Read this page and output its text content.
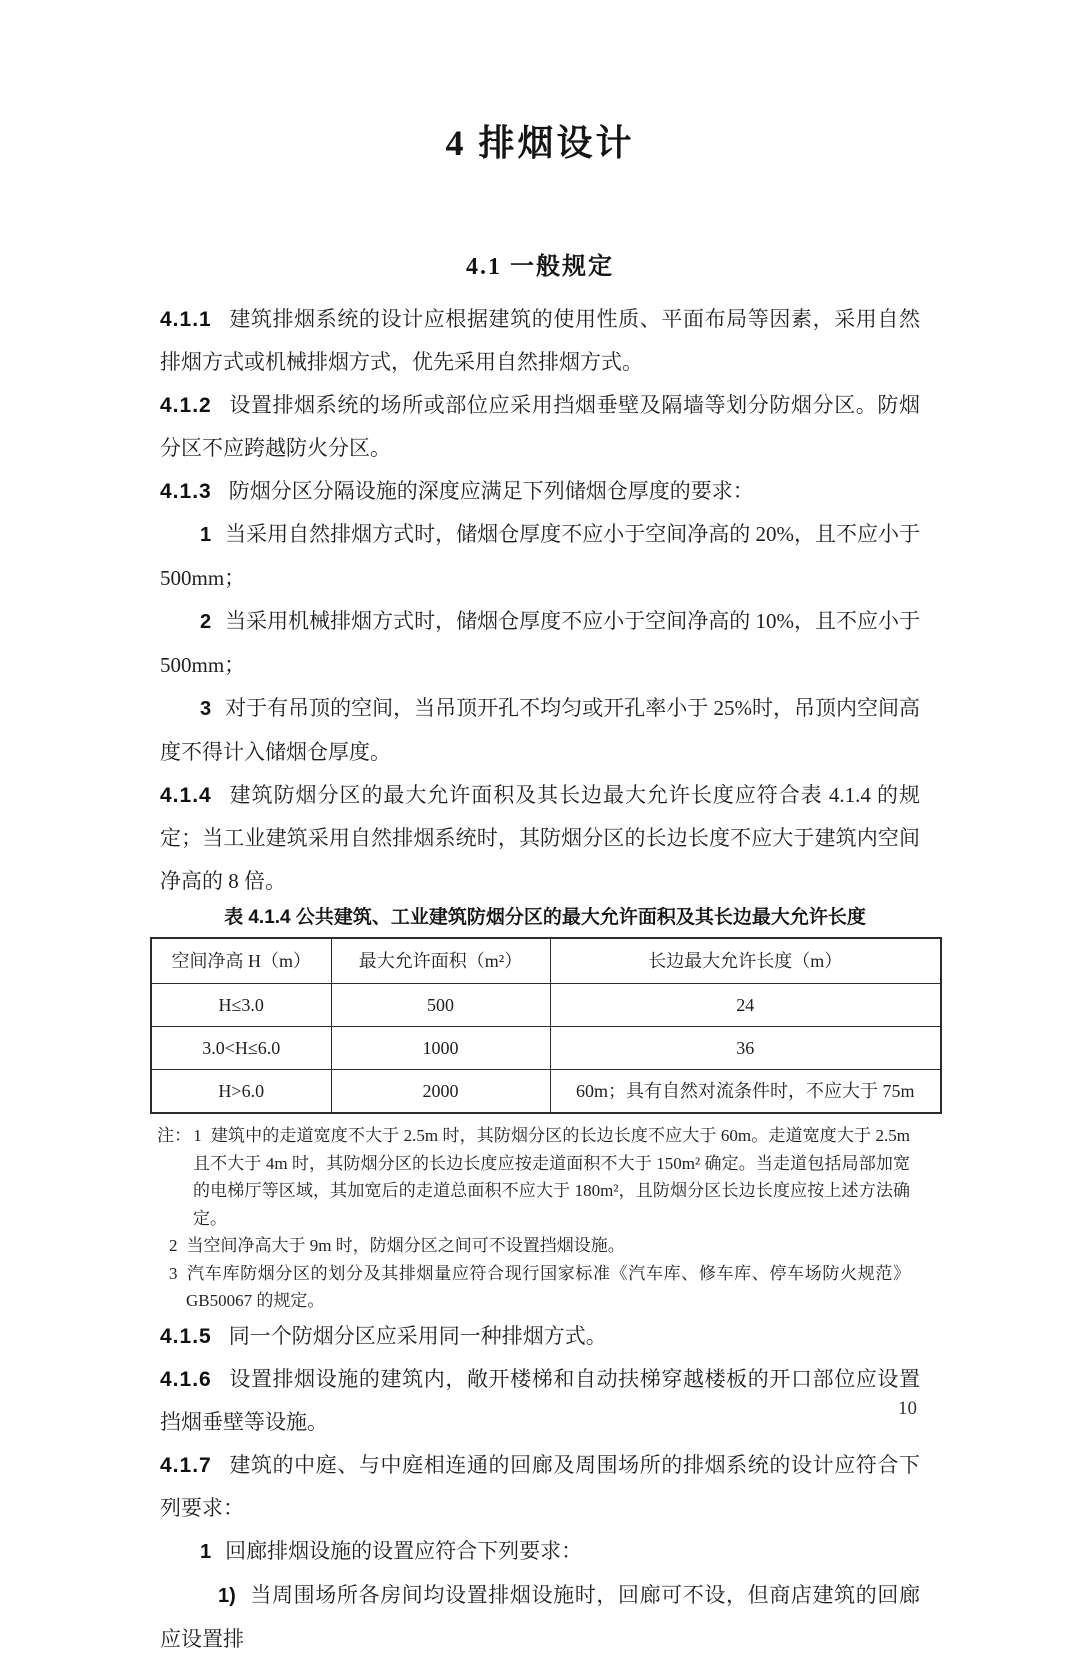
4 排烟设计
4.1 一般规定

4.1.1 建筑排烟系统的设计应根据建筑的使用性质、平面布局等因素，采用自然排烟方式或机械排烟方式，优先采用自然排烟方式。

4.1.2 设置排烟系统的场所或部位应采用挡烟垂壁及隔墙等划分防烟分区。防烟分区不应跨越防火分区。

4.1.3 防烟分区分隔设施的深度应满足下列储烟仓厚度的要求：

1 当采用自然排烟方式时，储烟仓厚度不应小于空间净高的 20%，且不应小于 500mm；

2 当采用机械排烟方式时，储烟仓厚度不应小于空间净高的 10%，且不应小于 500mm；

3 对于有吊顶的空间，当吊顶开孔不均匀或开孔率小于 25%时，吊顶内空间高度不得计入储烟仓厚度。

4.1.4 建筑防烟分区的最大允许面积及其长边最大允许长度应符合表 4.1.4 的规定；当工业建筑采用自然排烟系统时，其防烟分区的长边长度不应大于建筑内空间净高的 8 倍。

表 4.1.4 公共建筑、工业建筑防烟分区的最大允许面积及其长边最大允许长度
空间净高 H（m）	最大允许面积（m²）	长边最大允许长度（m）
H≤3.0	500	24
3.0<H≤6.0	1000	36
H>6.0	2000	60m；具有自然对流条件时，不应大于 75m
注： 1 建筑中的走道宽度不大于 2.5m 时，其防烟分区的长边长度不应大于 60m。走道宽度大于 2.5m 且不大于 4m 时，其防烟分区的长边长度应按走道面积不大于 150m² 确定。当走道包括局部加宽的电梯厅等区域，其加宽后的走道总面积不应大于 180m²，且防烟分区长边长度应按上述方法确定。
2 当空间净高大于 9m 时，防烟分区之间可不设置挡烟设施。
3 汽车库防烟分区的划分及其排烟量应符合现行国家标准《汽车库、修车库、停车场防火规范》GB50067 的规定。

4.1.5 同一个防烟分区应采用同一种排烟方式。

4.1.6 设置排烟设施的建筑内，敞开楼梯和自动扶梯穿越楼板的开口部位应设置挡烟垂壁等设施。

4.1.7 建筑的中庭、与中庭相连通的回廊及周围场所的排烟系统的设计应符合下列要求：

1 回廊排烟设施的设置应符合下列要求：

1) 当周围场所各房间均设置排烟设施时，回廊可不设，但商店建筑的回廊应设置排

10
